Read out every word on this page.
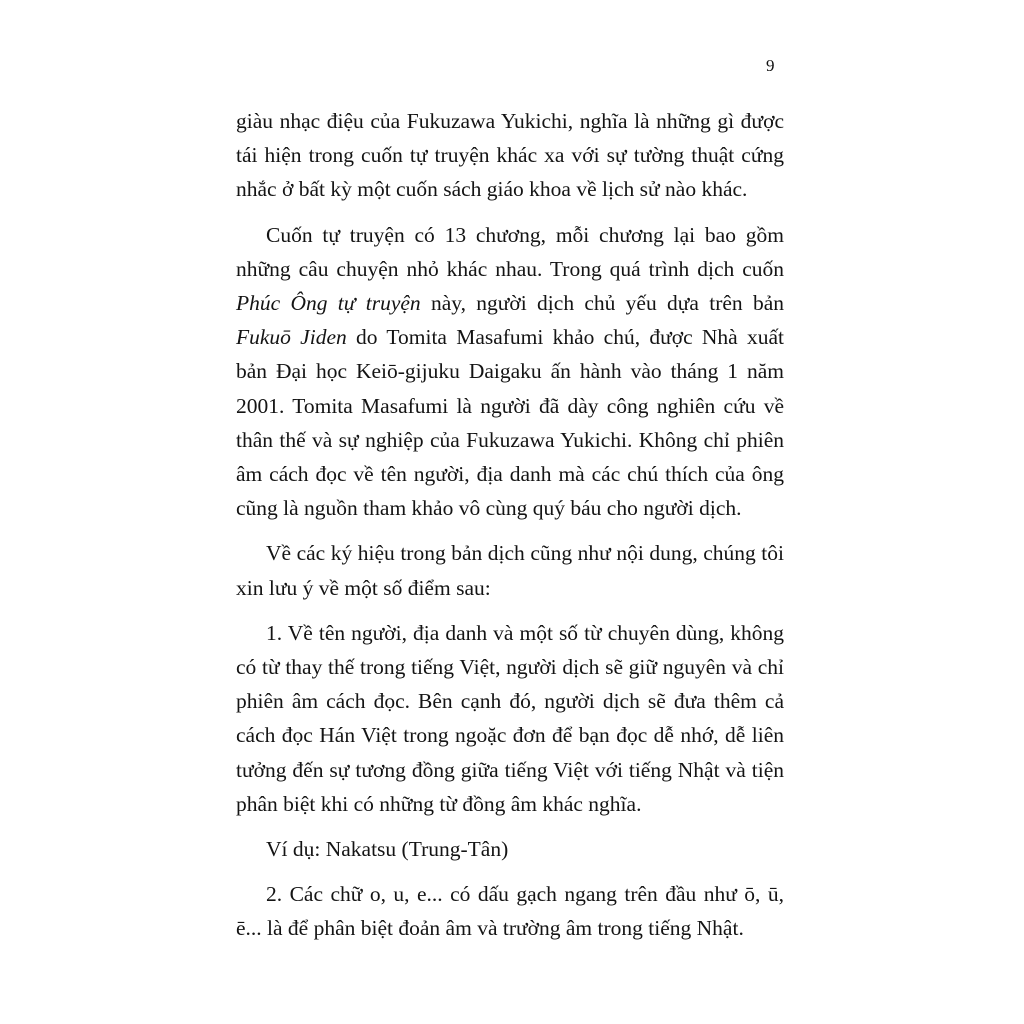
9

giàu nhạc điệu của Fukuzawa Yukichi, nghĩa là những gì được tái hiện trong cuốn tự truyện khác xa với sự tường thuật cứng nhắc ở bất kỳ một cuốn sách giáo khoa về lịch sử nào khác.

Cuốn tự truyện có 13 chương, mỗi chương lại bao gồm những câu chuyện nhỏ khác nhau. Trong quá trình dịch cuốn Phúc Ông tự truyện này, người dịch chủ yếu dựa trên bản Fukuō Jiden do Tomita Masafumi khảo chú, được Nhà xuất bản Đại học Keiō-gijuku Daigaku ấn hành vào tháng 1 năm 2001. Tomita Masafumi là người đã dày công nghiên cứu về thân thế và sự nghiệp của Fukuzawa Yukichi. Không chỉ phiên âm cách đọc về tên người, địa danh mà các chú thích của ông cũng là nguồn tham khảo vô cùng quý báu cho người dịch.

Về các ký hiệu trong bản dịch cũng như nội dung, chúng tôi xin lưu ý về một số điểm sau:

1. Về tên người, địa danh và một số từ chuyên dùng, không có từ thay thế trong tiếng Việt, người dịch sẽ giữ nguyên và chỉ phiên âm cách đọc. Bên cạnh đó, người dịch sẽ đưa thêm cả cách đọc Hán Việt trong ngoặc đơn để bạn đọc dễ nhớ, dễ liên tưởng đến sự tương đồng giữa tiếng Việt với tiếng Nhật và tiện phân biệt khi có những từ đồng âm khác nghĩa.

Ví dụ: Nakatsu (Trung-Tân)

2. Các chữ o, u, e... có dấu gạch ngang trên đầu như ō, ū, ē... là để phân biệt đoản âm và trường âm trong tiếng Nhật.
